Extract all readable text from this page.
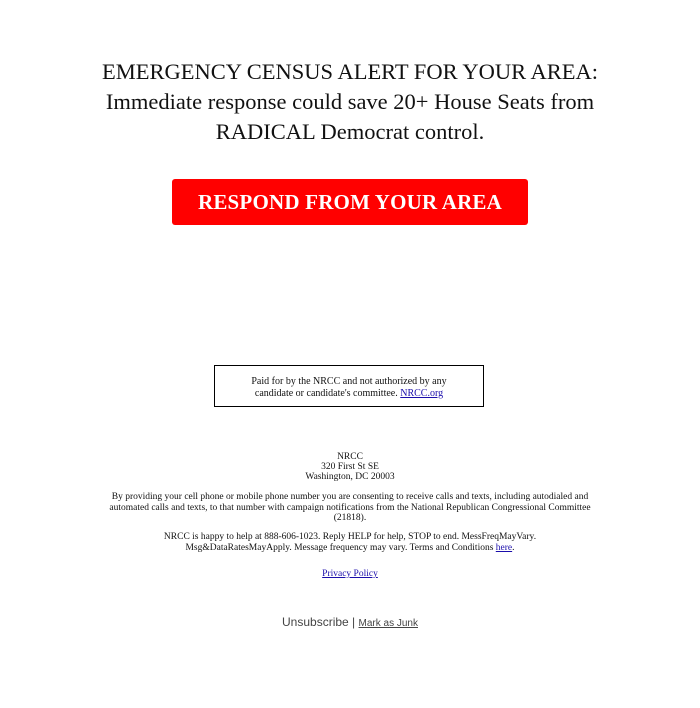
EMERGENCY CENSUS ALERT FOR YOUR AREA:
Immediate response could save 20+ House Seats from
RADICAL Democrat control.
RESPOND FROM YOUR AREA
Paid for by the NRCC and not authorized by any
candidate or candidate's committee. NRCC.org
NRCC
320 First St SE
Washington, DC 20003
By providing your cell phone or mobile phone number you are consenting to receive calls and texts, including autodialed and automated calls and texts, to that number with campaign notifications from the National Republican Congressional Committee (21818).
NRCC is happy to help at 888-606-1023. Reply HELP for help, STOP to end. MessFreqMayVary. Msg&DataRatesMayApply. Message frequency may vary. Terms and Conditions here.
Privacy Policy
Unsubscribe | Mark as Junk
